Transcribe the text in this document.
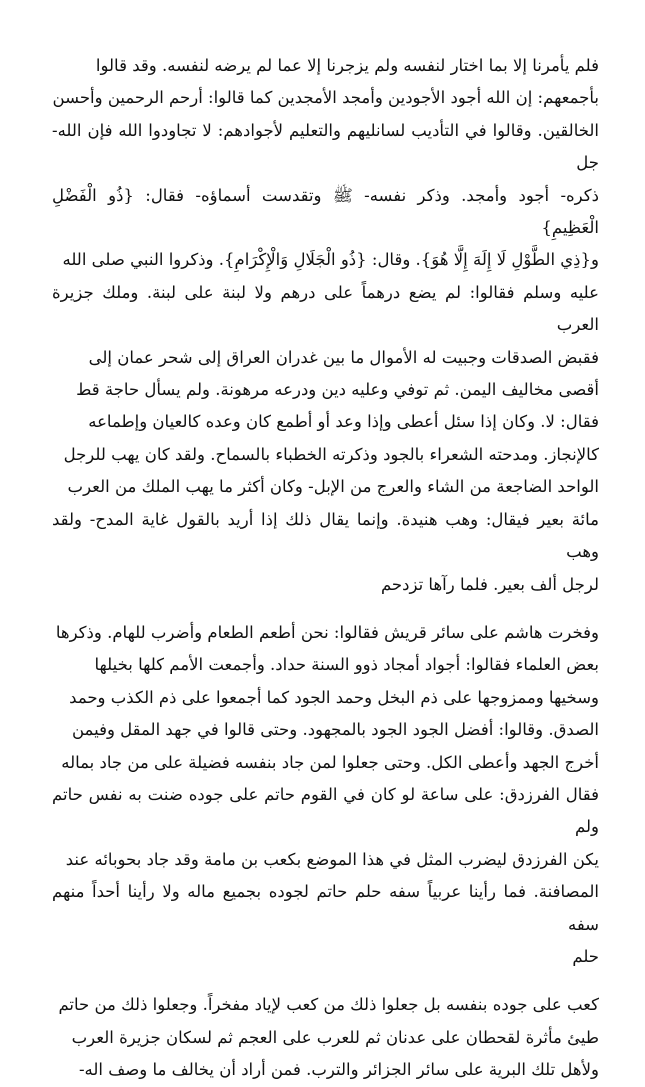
فلم يأمرنا إلا بما اختار لنفسه ولم يزجرنا إلا عما لم يرضه لنفسه. وقد قالوا
بأجمعهم: إن الله أجود الأجودين وأمجد الأمجدين كما قالوا: أرحم الرحمين وأحسن
الخالقين. وقالوا في التأديب لسانليهم والتعليم لأجوادهم: لا تجاودوا الله فإن الله- جل
ذكره- أجود وأمجد. وذكر نفسه- ﷺ وتقدست أسماؤه- فقال: {ذُو الْفَضْلِ الْعَظِيمِ}
و{ذِي الطَّوْلِ لَا إِلَهَ إِلَّا هُوَ}. وقال: {ذُو الْجَلَالِ وَالْإِكْرَامِ}. وذكروا النبي صلى الله
عليه وسلم فقالوا: لم يضع درهماً على درهم ولا لبنة على لبنة. وملك جزيرة العرب
فقبض الصدقات وجبيت له الأموال ما بين غدران العراق إلى شحر عمان إلى
أقصى مخاليف اليمن. ثم توفي وعليه دين ودرعه مرهونة. ولم يسأل حاجة قط
فقال: لا. وكان إذا سئل أعطى وإذا وعد أو أطمع كان وعده كالعيان وإطماعه
كالإنجاز. ومدحته الشعراء بالجود وذكرته الخطباء بالسماح. ولقد كان يهب للرجل
الواحد الضاجعة من الشاء والعرج من الإبل- وكان أكثر ما يهب الملك من العرب
مائة بعير فيقال: وهب هنيدة. وإنما يقال ذلك إذا أريد بالقول غاية المدح- ولقد وهب
لرجل ألف بعير. فلما رآها تزدحم

وفخرت هاشم على سائر قريش فقالوا: نحن أطعم الطعام وأضرب للهام. وذكرها
بعض العلماء فقالوا: أجواد أمجاد ذوو السنة حداد. وأجمعت الأمم كلها بخيلها
وسخيها وممزوجها على ذم البخل وحمد الجود كما أجمعوا على ذم الكذب وحمد
الصدق. وقالوا: أفضل الجود الجود بالمجهود. وحتى قالوا في جهد المقل وفيمن
أخرج الجهد وأعطى الكل. وحتى جعلوا لمن جاد بنفسه فضيلة على من جاد بماله
فقال الفرزدق: على ساعة لو كان في القوم حاتم على جوده ضنت به نفس حاتم ولم
يكن الفرزدق ليضرب المثل في هذا الموضع بكعب بن مامة وقد جاد بحوبائه عند
المصافنة. فما رأينا عربياً سفه حلم حاتم لجوده بجميع ماله ولا رأينا أحداً منهم سفه
حلم

كعب على جوده بنفسه بل جعلوا ذلك من كعب لإياد مفخراً. وجعلوا ذلك من حاتم
طيئ مأثرة لقحطان على عدنان ثم للعرب على العجم ثم لسكان جزيرة العرب
ولأهل تلك البرية على سائر الجزائر والترب. فمن أراد أن يخالف ما وصف اله-
